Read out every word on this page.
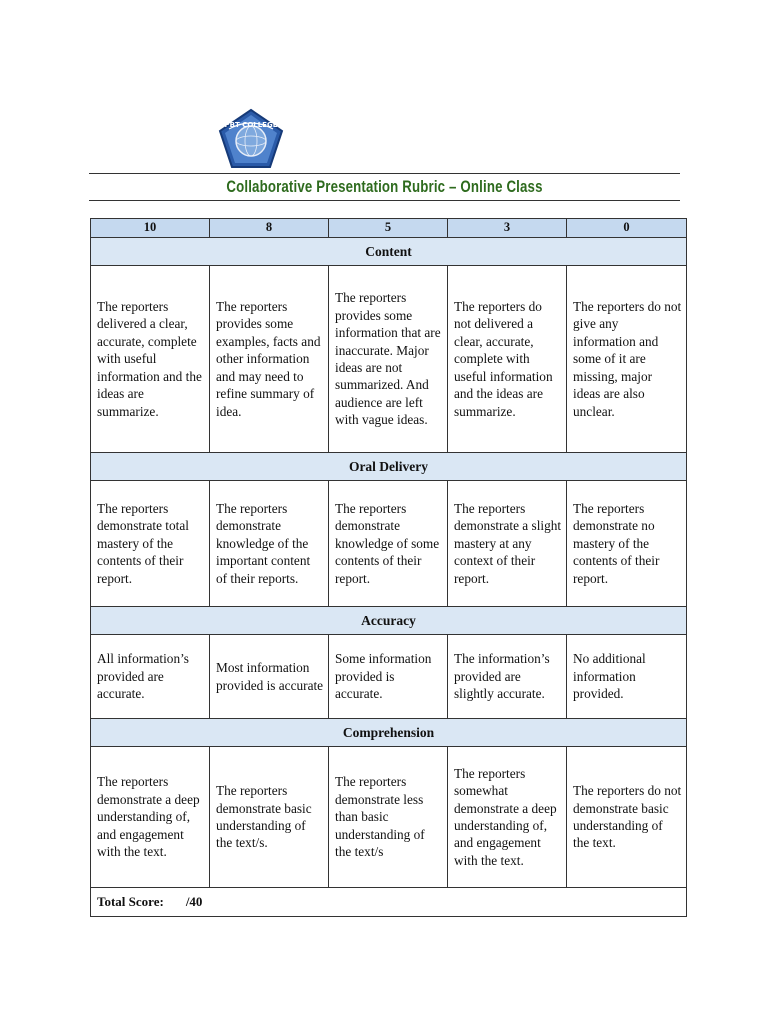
PBT COLLEGE
Collaborative Presentation Rubric – Online Class
10	8	5	3	0
Content				
The reporters delivered a clear, accurate, complete with useful information and the ideas are summarize.	The reporters provides some examples, facts and other information and may need to refine summary of idea.	The reporters provides some information that are inaccurate. Major ideas are not summarized. And audience are left with vague ideas.	The reporters do not delivered a clear, accurate, complete with useful information and the ideas are summarize.	The reporters do not give any information and some of it are missing, major ideas are also unclear.
Oral Delivery				
The reporters demonstrate total mastery of the contents of their report.	The reporters demonstrate knowledge of the important content of their reports.	The reporters demonstrate knowledge of some contents of their report.	The reporters demonstrate a slight mastery at any context of their report.	The reporters demonstrate no mastery of the contents of their report.
Accuracy				
All information’s provided are accurate.	Most information provided is accurate	Some information provided is accurate.	The information’s provided are slightly accurate.	No additional information provided.
Comprehension				
The reporters demonstrate a deep understanding of, and engagement with the text.	The reporters demonstrate basic understanding of the text/s.	The reporters demonstrate less than basic understanding of the text/s	The reporters somewhat demonstrate a deep understanding of, and engagement with the text.	The reporters do not demonstrate basic understanding of the text.
Total Score: /40				
